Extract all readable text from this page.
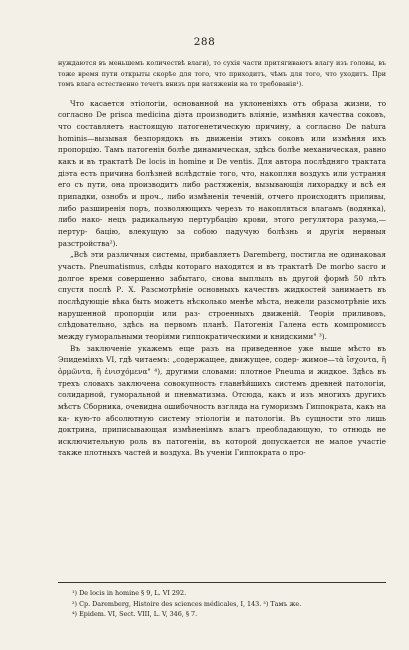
288

нуждаются въ меньшемъ количествѣ влаги), то сухія части притягиваютъ влагу изъ головы, въ тоже время пути открыты скорѣе для того, что приходитъ, чѣмъ для того, что уходитъ. При томъ влага естественно течетъ внизъ при натяженіи на то требованія¹).

Что касается этіологіи, основанной на уклоненіяхъ отъ образа жизни, то согласно De prisca medicina діэта производитъ вліяніе, измѣняя качества соковъ, что составляетъ настоящую патогенетическую причину, а согласно De natura hominis—вызывая безпорядокъ въ движеніи этихъ соковъ или измѣняя ихъ пропорцію. Тамъ патогенія болѣе динамическая, здѣсь болѣе механическая, равно какъ и въ трактатѣ De locis in homine и De ventis. Для автора послѣдняго трактата діэта есть причина болѣзней вслѣдствіе того, что, накопляя воздухъ или устраняя его съ пути, она производитъ либо растяженія, вызывающія лихорадку и всѣ ея припадки, ознобъ и проч., либо измѣненія теченій, отчего происходятъ приливы, либо разширенія поръ, позволяющихъ черезъ то накопляться влагамъ (водянка), либо нако- нецъ радикальную пертурбацію крови, этого регулятора разума,—пертур- бацію, влекущую за собою падучую болѣзнь и другія нервныя разстройства²).

„Всѣ эти различныя системы, прибавляетъ Daremberg, постигла не одинаковая участь. Pneumatismus, слѣды котораго находятся и въ трактатѣ De morbo sacro и долгое время совершенно забытаго, снова выплылъ въ другой формѣ 50 лѣтъ спустя послѣ Р. Х. Разсмотрѣніе основныхъ качествъ жидкостей занимаетъ въ послѣдующіе вѣка быть можетъ нѣсколько менѣе мѣста, нежели разсмотрѣніе ихъ нарушенной пропорціи или раз- строенныхъ движеній. Теорія приливовъ, слѣдовательно, здѣсь на первомъ планѣ. Патогенія Галена есть компромиссъ между гуморальными теоріями гиппократическими и книдскими" ³).

Въ заключеніе укажемъ еще разъ на приведенное уже выше мѣсто въ Эпидеміяхъ VI, гдѣ читаемъ: „содержащее, движущее, содер- жимое—τὰ ἴσχοντα, ἢ ὁρμῶντα, ἢ ἐνισχόμενα" ⁴), другими словами: плотное Pneuma и жидкое. Здѣсь въ трехъ словахъ заключена совокупность главнѣйшихъ системъ древней патологіи, солидарной, гуморальной и пневматизма. Отсюда, какъ и изъ многихъ другихъ мѣстъ Сборника, очевидна ошибочность взгляда на гуморизмъ Гиппократа, какъ на ка- кую-то абсолютную систему этіологіи и патологіи. Въ сущности это лишь доктрина, приписывающая измѣненіямъ влагъ преобладающую, то отнюдь не исключительную роль въ патогеніи, въ которой допускается не малое участіе также плотныхъ частей и воздуха. Въ ученіи Гиппократа о про-

¹) De locis in homine § 9, L. VI 292.
²) Cp. Daremberg, Histoire des sciences médicales, I, 143. ³) Тамъ же.
⁴) Epidem. VI, Sect. VIII, L. V, 346, § 7.
